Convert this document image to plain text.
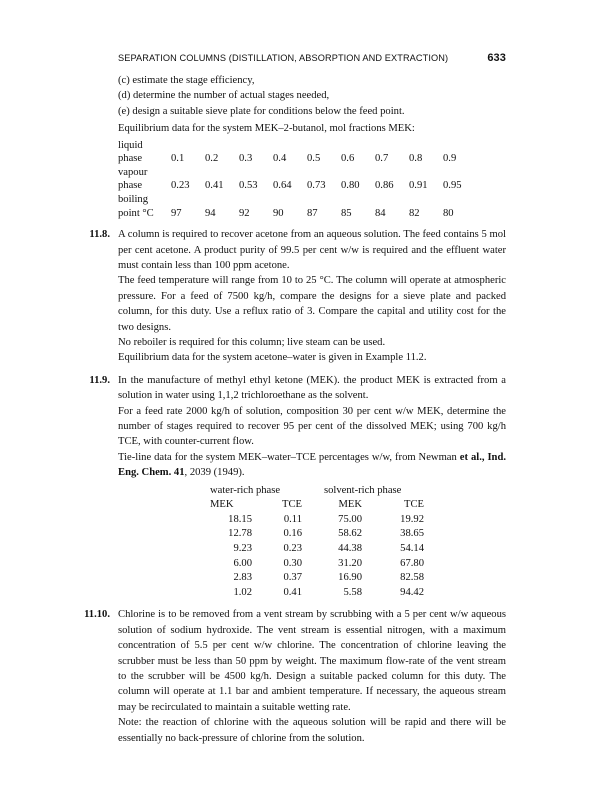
SEPARATION COLUMNS (DISTILLATION, ABSORPTION AND EXTRACTION)	633
(c) estimate the stage efficiency,
(d) determine the number of actual stages needed,
(e) design a suitable sieve plate for conditions below the feed point.
Equilibrium data for the system MEK–2-butanol, mol fractions MEK:
liquid									
phase	0.1	0.2	0.3	0.4	0.5	0.6	0.7	0.8	0.9
vapour									
phase	0.23	0.41	0.53	0.64	0.73	0.80	0.86	0.91	0.95
boiling									
point °C	97	94	92	90	87	85	84	82	80
11.8. A column is required to recover acetone from an aqueous solution. The feed contains 5 mol per cent acetone. A product purity of 99.5 per cent w/w is required and the effluent water must contain less than 100 ppm acetone.
The feed temperature will range from 10 to 25 °C. The column will operate at atmospheric pressure. For a feed of 7500 kg/h, compare the designs for a sieve plate and packed column, for this duty. Use a reflux ratio of 3. Compare the capital and utility cost for the two designs.
No reboiler is required for this column; live steam can be used.
Equilibrium data for the system acetone–water is given in Example 11.2.
11.9. In the manufacture of methyl ethyl ketone (MEK). the product MEK is extracted from a solution in water using 1,1,2 trichloroethane as the solvent.
For a feed rate 2000 kg/h of solution, composition 30 per cent w/w MEK, determine the number of stages required to recover 95 per cent of the dissolved MEK; using 700 kg/h TCE, with counter-current flow.
Tie-line data for the system MEK–water–TCE percentages w/w, from Newman et al., Ind. Eng. Chem. 41, 2039 (1949).
water-rich phase		solvent-rich phase	
MEK	TCE	MEK	TCE
18.15	0.11	75.00	19.92
12.78	0.16	58.62	38.65
9.23	0.23	44.38	54.14
6.00	0.30	31.20	67.80
2.83	0.37	16.90	82.58
1.02	0.41	5.58	94.42
11.10. Chlorine is to be removed from a vent stream by scrubbing with a 5 per cent w/w aqueous solution of sodium hydroxide. The vent stream is essential nitrogen, with a maximum concentration of 5.5 per cent w/w chlorine. The concentration of chlorine leaving the scrubber must be less than 50 ppm by weight. The maximum flow-rate of the vent stream to the scrubber will be 4500 kg/h. Design a suitable packed column for this duty. The column will operate at 1.1 bar and ambient temperature. If necessary, the aqueous stream may be recirculated to maintain a suitable wetting rate.
Note: the reaction of chlorine with the aqueous solution will be rapid and there will be essentially no back-pressure of chlorine from the solution.
